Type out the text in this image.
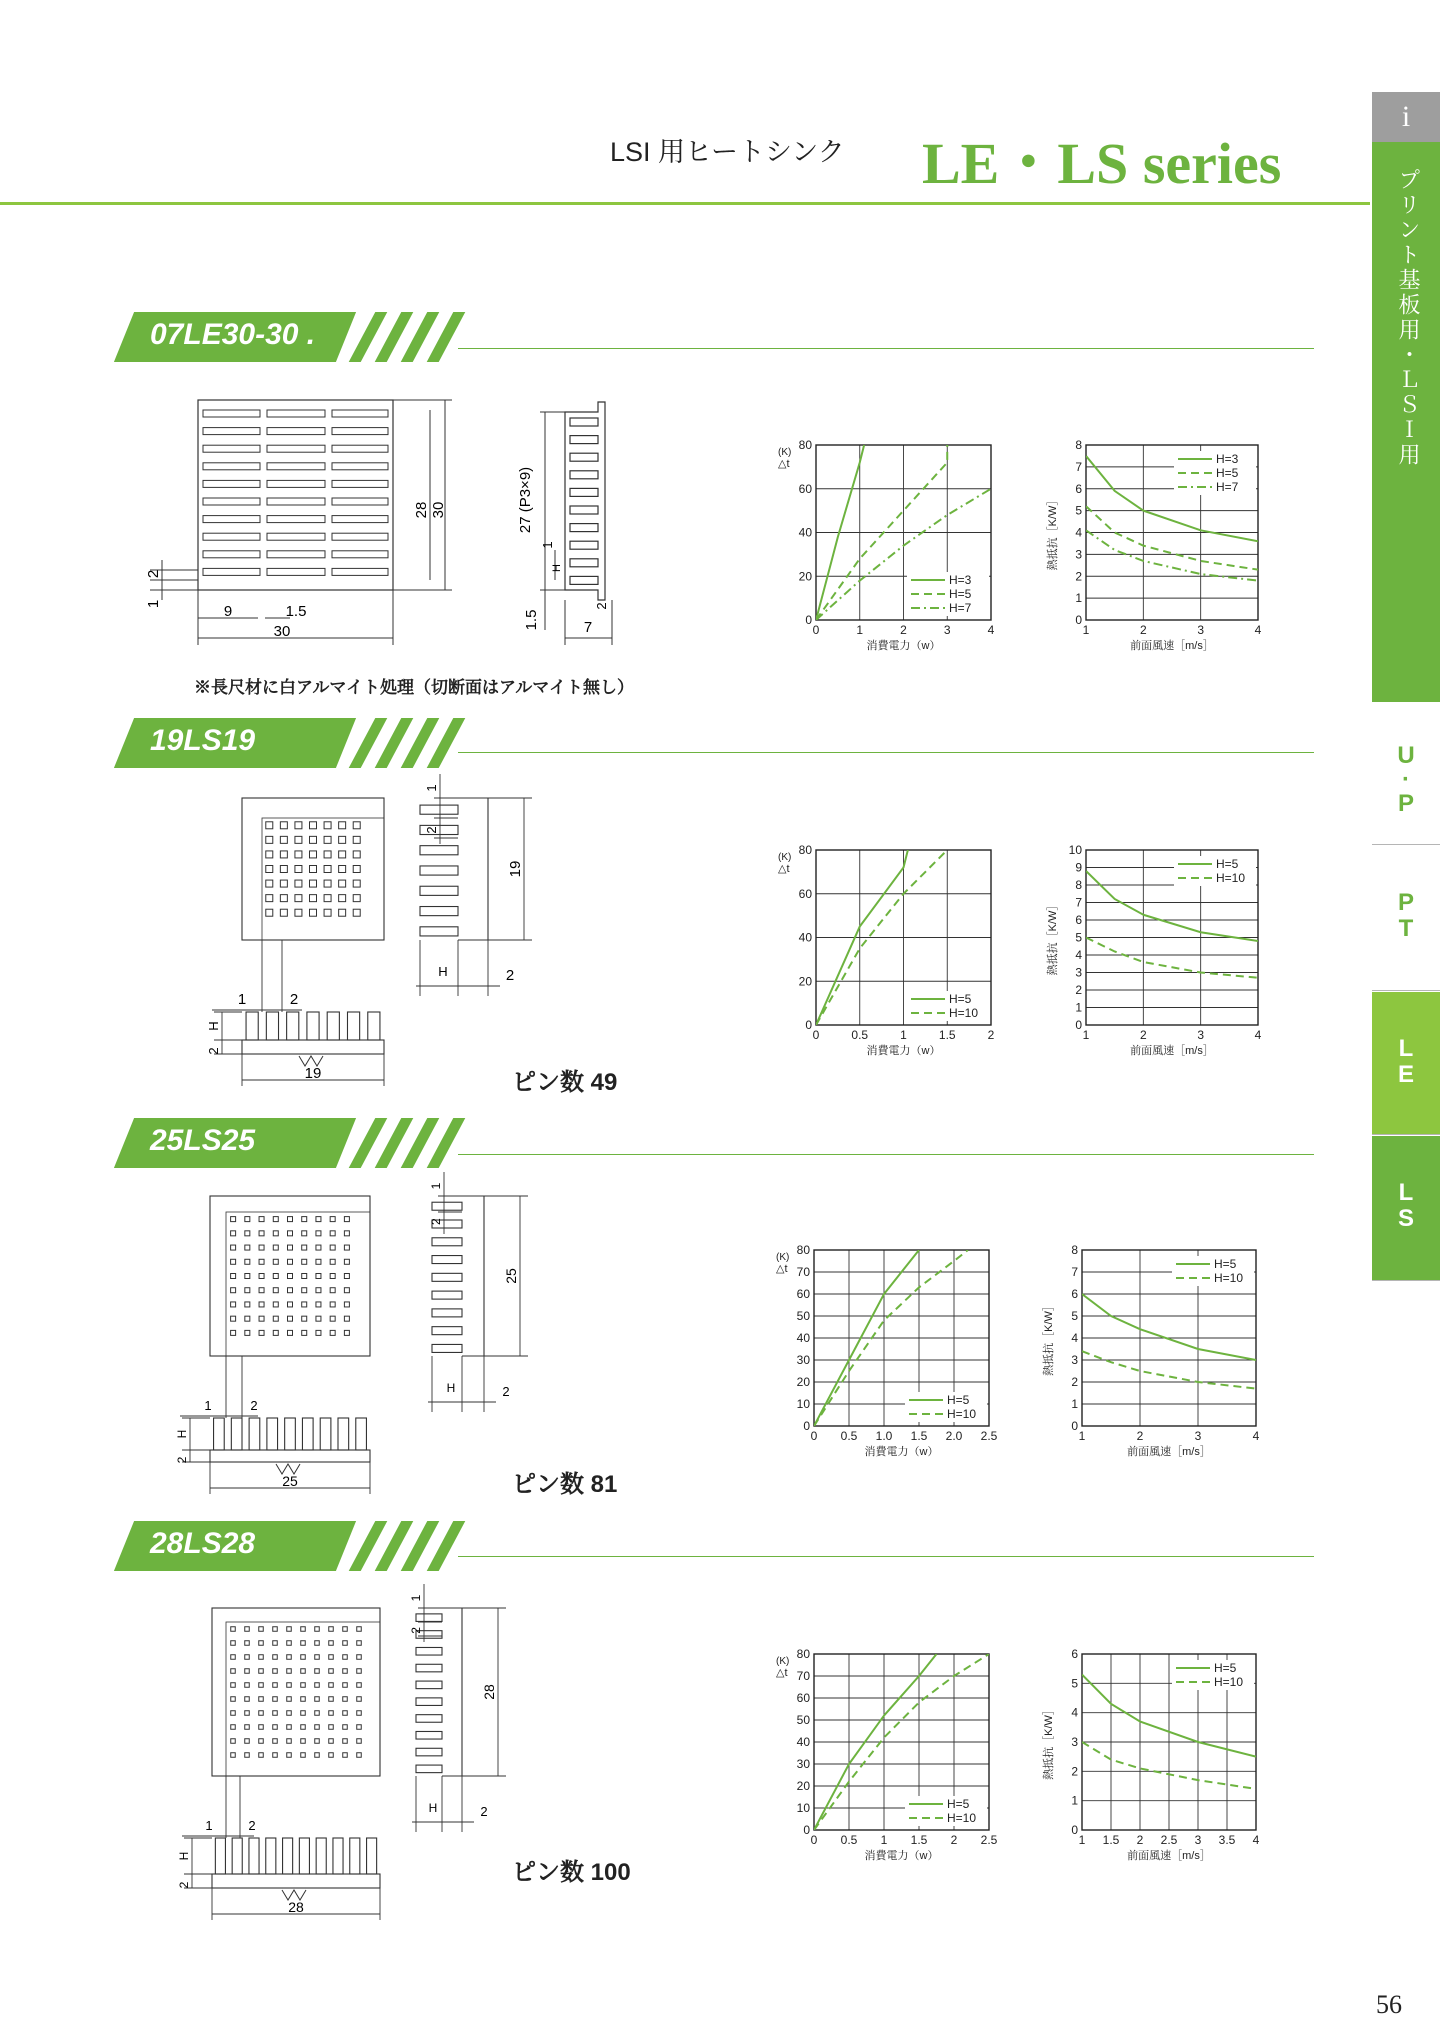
LSI 用ヒートシンク LE・LS series
i
プリント基板用・ＬＳＩ用
U
·
P
P
T
L
E
L
S
07LE30-30 .
19LS19
25LS25
28LS28
※長尺材に白アルマイト処理（切断面はアルマイト無し）
ピン数 49
ピン数 81
ピン数 100
56
30
9	1.5
28 30
2
1
27 (P3×9)
1
H
1.5	7
2
19
1	2
H
2
1
2
19
2
H
25
1	2
H
2
1
2
25
2
H
28
1	2
H
2
1
2
28
2
H
0
20
40
60
80
0	1	2	3	4
消費電力（w）
(K)
△t
H=3
H=5
H=7
0
1
2
3
4
5
6
7
8
1	2	3	4
前面風速［m/s］
熱抵抗［K/W］
H=3
H=5
H=7
0
20
40
60
80
0	0.5	1	1.5	2
消費電力（w）
(K)
△t
H=5
H=10
0
1
2
3
4
5
6
7
8
9
10
1	2	3	4
前面風速［m/s］
熱抵抗［K/W］
H=5
H=10
0
10
20
30
40
50
60
70
80
0 0.5 1.0 1.5 2.0 2.5
消費電力（w）
(K)
△t
H=5
H=10
0
1
2
3
4
5
6
7
8
1	2	3	4
前面風速［m/s］
熱抵抗［K/W］
H=5
H=10
0
10
20
30
40
50
60
70
80
0 0.5 1 1.5 2 2.5
消費電力（w）
(K)
△t
H=5
H=10
0
1
2
3
4
5
6
1 1.5 2 2.5 3 3.5 4
前面風速［m/s］
熱抵抗［K/W］
H=5
H=10
